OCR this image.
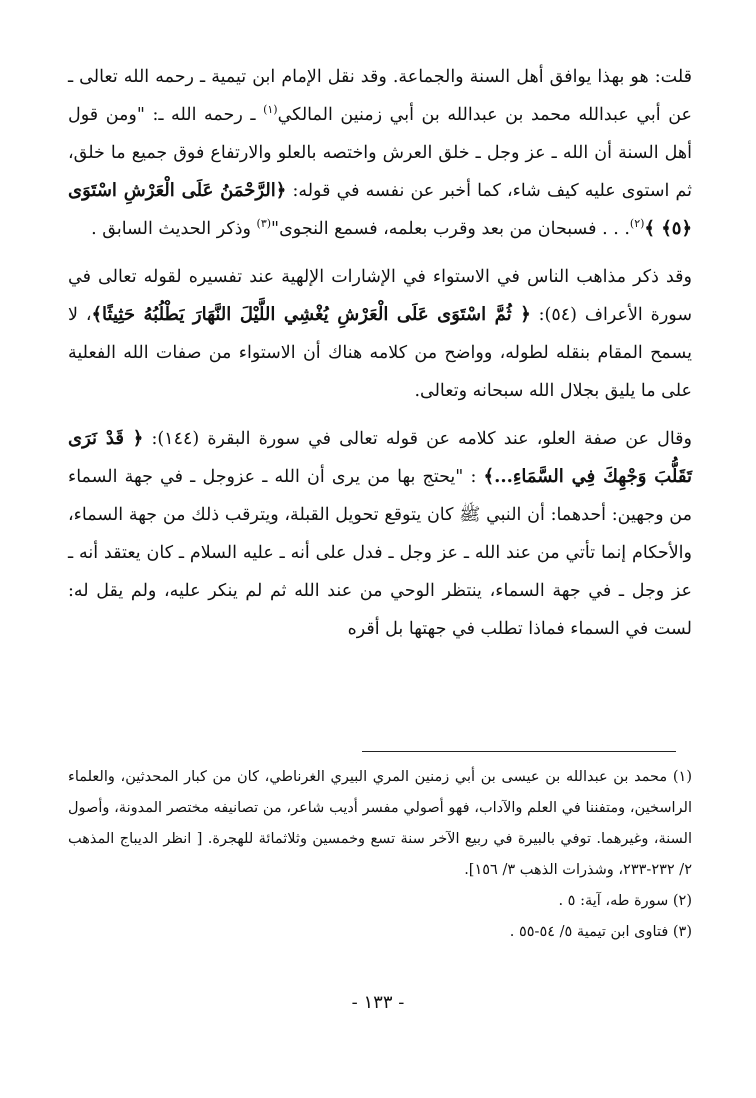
قلت: هو بهذا يوافق أهل السنة والجماعة. وقد نقل الإمام ابن تيمية ـ رحمه الله تعالى ـ عن أبي عبدالله محمد بن عبدالله بن أبي زمنين المالكي$^{(١)}$ ـ رحمه الله ـ: "ومن قول أهل السنة أن الله ـ عز وجل ـ خلق العرش واختصه بالعلو والارتفاع فوق جميع ما خلق، ثم استوى عليه كيف شاء، كما أخبر عن نفسه في قوله: ﴿الرَّحْمَنُ عَلَى الْعَرْشِ اسْتَوَى ﴿٥﴾ ﴾$^{(٢)}$. . . فسبحان من بعد وقرب بعلمه، فسمع النجوى"$^{(٣)}$ وذكر الحديث السابق .

وقد ذكر مذاهب الناس في الاستواء في الإشارات الإلهية عند تفسيره لقوله تعالى في سورة الأعراف (٥٤): ﴿ ثُمَّ اسْتَوَى عَلَى الْعَرْشِ يُغْشِي اللَّيْلَ النَّهَارَ يَطْلُبُهُ حَثِيثًا﴾، لا يسمح المقام بنقله لطوله، وواضح من كلامه هناك أن الاستواء من صفات الله الفعلية على ما يليق بجلال الله سبحانه وتعالى.

وقال عن صفة العلو، عند كلامه عن قوله تعالى في سورة البقرة (١٤٤): ﴿ قَدْ نَرَى تَقَلُّبَ وَجْهِكَ فِي السَّمَاءِ...﴾ : "يحتج بها من يرى أن الله ـ عزوجل ـ في جهة السماء من وجهين: أحدهما: أن النبي ﷺ كان يتوقع تحويل القبلة، ويترقب ذلك من جهة السماء، والأحكام إنما تأتي من عند الله ـ عز وجل ـ فدل على أنه ـ عليه السلام ـ كان يعتقد أنه ـ عز وجل ـ في جهة السماء، ينتظر الوحي من عند الله ثم لم ينكر عليه، ولم يقل له: لست في السماء فماذا تطلب في جهتها بل أقره

(١) محمد بن عبدالله بن عيسى بن أبي زمنين المري البيري الغرناطي، كان من كبار المحدثين، والعلماء الراسخين، ومتفننا في العلم والآداب، فهو أصولي مفسر أديب شاعر، من تصانيفه مختصر المدونة، وأصول السنة، وغيرهما. توفي بالبيرة في ربيع الآخر سنة تسع وخمسين وثلاثمائة للهجرة. [ انظر الديباج المذهب ٢/ ٢٣٢-٢٣٣، وشذرات الذهب ٣/ ١٥٦].

(٢) سورة طه، آية: ٥ .

(٣) فتاوى ابن تيمية ٥/ ٥٤-٥٥ .

- ١٣٣ -
